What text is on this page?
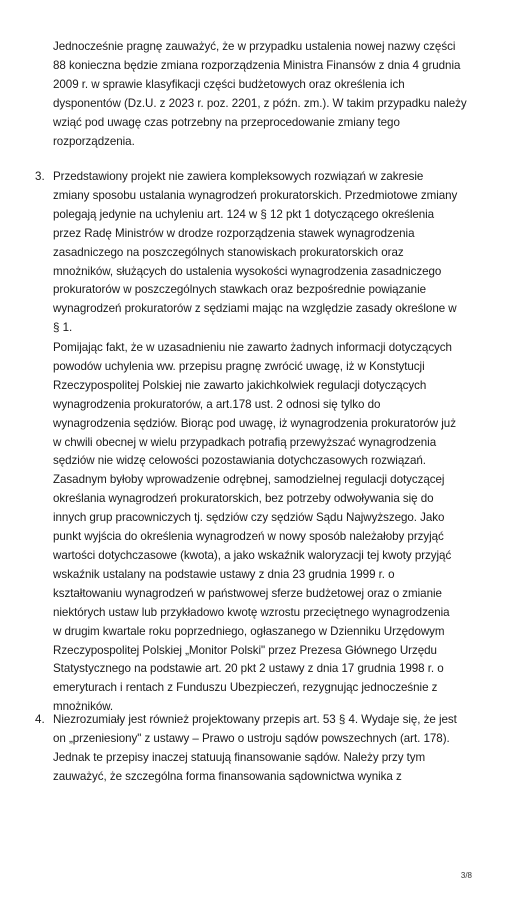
Jednocześnie pragnę zauważyć, że w przypadku ustalenia nowej nazwy części
88 konieczna będzie zmiana rozporządzenia Ministra Finansów z dnia 4 grudnia
2009 r. w sprawie klasyfikacji części budżetowych oraz określenia ich
dysponentów (Dz.U. z 2023 r. poz. 2201, z późn. zm.). W takim przypadku należy
wziąć pod uwagę czas potrzebny na przeprocedowanie zmiany tego
rozporządzenia.
3. Przedstawiony projekt nie zawiera kompleksowych rozwiązań w zakresie
zmiany sposobu ustalania wynagrodzeń prokuratorskich. Przedmiotowe zmiany
polegają jedynie na uchyleniu art. 124 w § 12 pkt 1 dotyczącego określenia
przez Radę Ministrów w drodze rozporządzenia stawek wynagrodzenia
zasadniczego na poszczególnych stanowiskach prokuratorskich oraz
mnożników, służących do ustalenia wysokości wynagrodzenia zasadniczego
prokuratorów w poszczególnych stawkach oraz bezpośrednie powiązanie
wynagrodzeń prokuratorów z sędziami mając na względzie zasady określone w
§ 1.
Pomijając fakt, że w uzasadnieniu nie zawarto żadnych informacji dotyczących
powodów uchylenia ww. przepisu pragnę zwrócić uwagę, iż w Konstytucji
Rzeczypospolitej Polskiej nie zawarto jakichkolwiek regulacji dotyczących
wynagrodzenia prokuratorów, a art.178 ust. 2 odnosi się tylko do
wynagrodzenia sędziów. Biorąc pod uwagę, iż wynagrodzenia prokuratorów już
w chwili obecnej w wielu przypadkach potrafią przewyższać wynagrodzenia
sędziów nie widzę celowości pozostawiania dotychczasowych rozwiązań.
Zasadnym byłoby wprowadzenie odrębnej, samodzielnej regulacji dotyczącej
określania wynagrodzeń prokuratorskich, bez potrzeby odwoływania się do
innych grup pracowniczych tj. sędziów czy sędziów Sądu Najwyższego. Jako
punkt wyjścia do określenia wynagrodzeń w nowy sposób należałoby przyjąć
wartości dotychczasowe (kwota), a jako wskaźnik waloryzacji tej kwoty przyjąć
wskaźnik ustalany na podstawie ustawy z dnia 23 grudnia 1999 r. o
kształtowaniu wynagrodzeń w państwowej sferze budżetowej oraz o zmianie
niektórych ustaw lub przykładowo kwotę wzrostu przeciętnego wynagrodzenia
w drugim kwartale roku poprzedniego, ogłaszanego w Dzienniku Urzędowym
Rzeczypospolitej Polskiej „Monitor Polski" przez Prezesa Głównego Urzędu
Statystycznego na podstawie art. 20 pkt 2 ustawy z dnia 17 grudnia 1998 r. o
emeryturach i rentach z Funduszu Ubezpieczeń, rezygnując jednocześnie z
mnożników.
4. Niezrozumiały jest również projektowany przepis art. 53 § 4. Wydaje się, że jest
on „przeniesiony" z ustawy – Prawo o ustroju sądów powszechnych (art. 178).
Jednak te przepisy inaczej statuują finansowanie sądów. Należy przy tym
zauważyć, że szczególna forma finansowania sądownictwa wynika z
3/8
